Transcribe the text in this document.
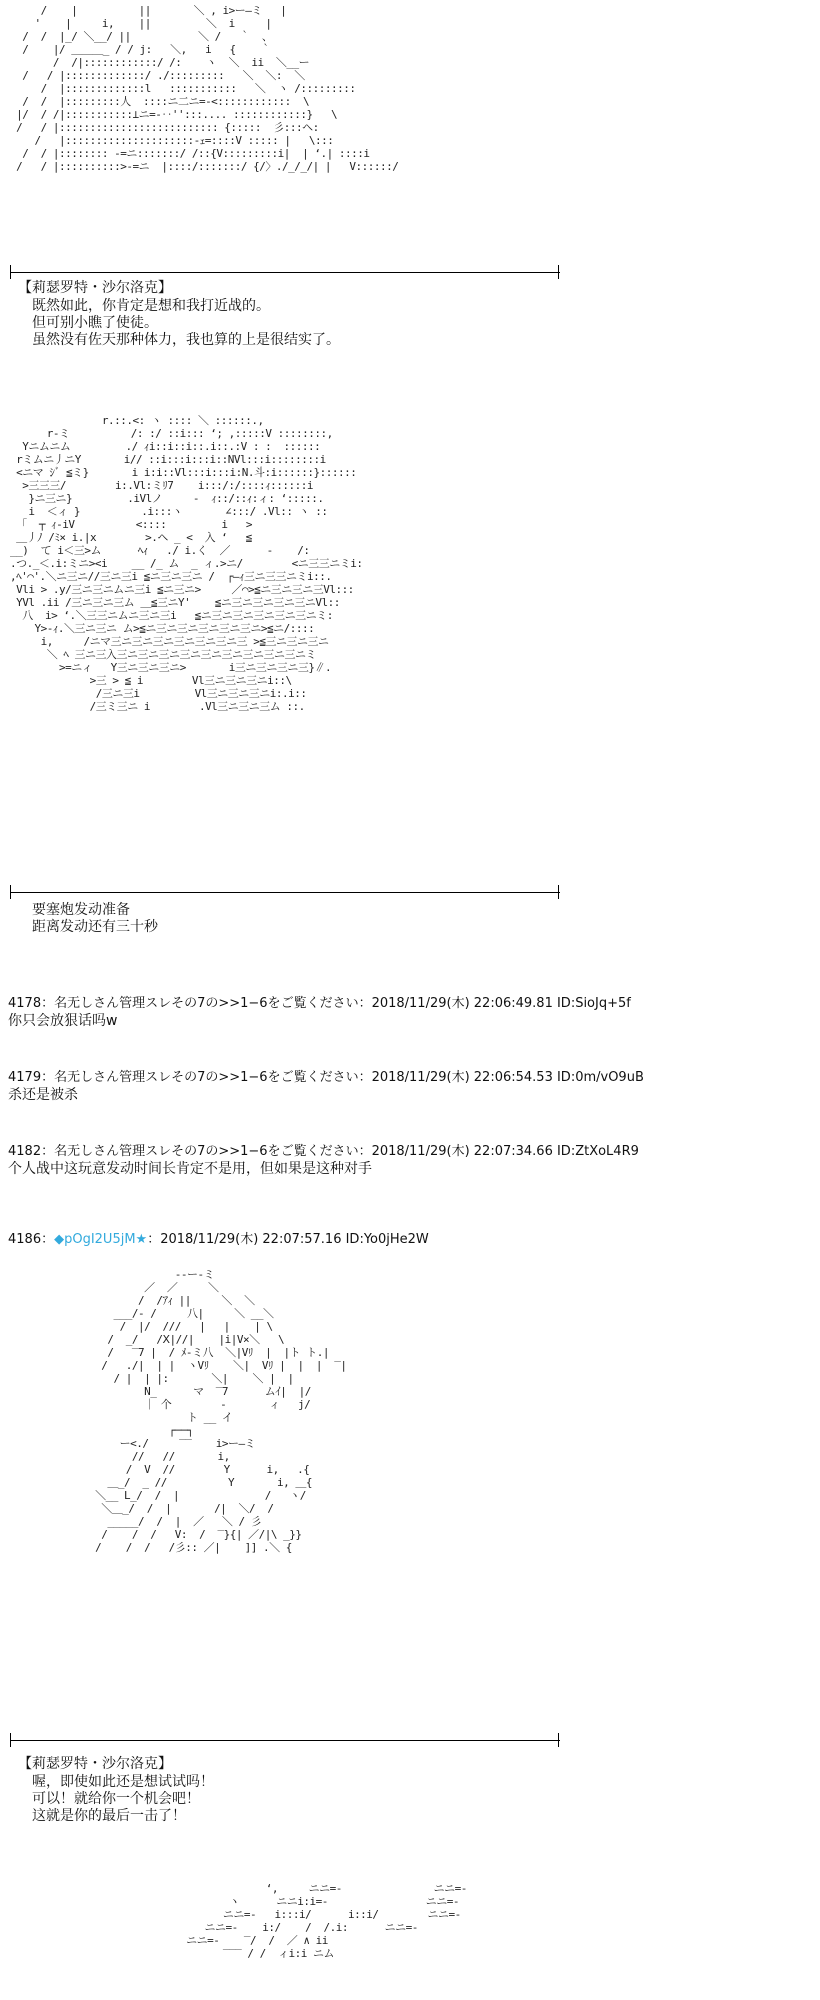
/    |          ||       ＼ , i>ー―ミ   |
'    |     i,    ||         ＼  i     |
/  /  |_/ ＼__/ ||           ＼ /   ｀  、
/    |/ ＿＿＿_ / / j:   ＼,   i   {    ｀
/  /|::::::::::::/ /:    ヽ  ＼  ii  ＼__ー
/   / |:::::::::::::/ ./:::::::::   ＼  ＼:  ＼
/  |:::::::::::::l   :::::::::::   ＼  ヽ /:::::::::
/  /  |:::::::::人  ::::ニ二ニ=-<::::::::::::  \
|/  / /|:::::::::::⊥ニ=-‥'':::.... ::::::::::::}   \
/   / |:::::::::::::::::::::::::: {:::::  彡:::ヘ:
/   |:::::::::::::::::::::-ｪ=::::V ::::: |   \:::
/  / |:::::::: -=ニ:::::::/ /::{V:::::::::i|  | ‘.| ::::i
/   / |::::::::::>-=ニ  |::::/:::::::/ {/〉./_/_/| |   V::::::/
【莉瑟罗特・沙尔洛克】
既然如此，你肯定是想和我打近战的。
但可别小瞧了使徒。
虽然没有佐天那种体力，我也算的上是很结实了。
r.::.<: ヽ :::: ＼ ::::::.,
r-ミ          /: :/ ::i::: ‘; ,:::::V ::::::::,
Yニムニム         ./ ｨi::i::i::.i::.:V : :  ::::::
rミムニ丿ニY       i// ::i:::i:::i::NVl:::i::::::::i
<ニマ ｼﾞ ≦ミ}       i i:i::Vl:::i:::i:N.斗:i::::::}::::::
>三三三/        i:.Vl:ミﾘ7    i:::/:/::::ｨ::::::i
}ニ三ニ}         .iVlノ     -  ｨ::/::ｨ:ィ: ‘:::::.
i  ＜ィ }          .i:::ヽ       ∠:::/ .Vl:: ヽ ::
「  ┬ ｨ-iV          <::::         i   >
＿丿ﾉ /ﾐ× i.|x        >.ヘ _ <  入 ‘   ≦
__)  て i＜三>ム      ﾍｨ   ./ i.く  ／      -    /:
.つ._＜.i:ミニ><i    __ /_ ム  _ ィ.>ニ/        <ニ三三ニミi:
,ﾍ'⌒'.＼ニ三ニ//三ニ三i ≦ニ三ニ三ニ /  ┌―ｨ三ニ三三ニミi::.
Vli > .y/三ニ三ニムニ三i ≦ニ三ニ>     ／⌒>≦ニ三ニ三ニ三Vl:::
YVl .ii /三ニ三ニ三ム ＿≦三ニY'    ≦ニ三ニ三ニ三ニ三ニVl::
八  i> ‘.＼三三ニムニ三ニ三i   ≦ニ三ニ三ニ三ニ三ニ三ニミ:
Y>-ｨ.＼三ニ三ニ ム>≦ニ三ニ三ニ三ニ三ニ三ニ>≦ニ/::::
i,     /ニマ三ニ三ニ三ニ三ニ三ニ三ニ三 >≦三ニ三ニ三ニ
＼ ﾍ 三ニ三入三ニ三ニ三ニ三ニ三ニ三ニ三ニ三ニ三ニミ
>=ニィ   Y三ニ三ニ三ニ>       i三ニ三ニ三ニ三}∥.
>三 > ≦ i        Vl三ニ三ニ三ニi::\
/三ニ三i         Vl三ニ三ニ三ニi:.i::
/三ミ三ニ i        .Vl三ニ三ニ三ム ::.
要塞炮发动准备
距离发动还有三十秒
4178：名无しさん管理スレその7の>>1−6をご覧ください：2018/11/29(木) 22:06:49.81 ID:SioJq+5f
你只会放狠话吗w
4179：名无しさん管理スレその7の>>1−6をご覧ください：2018/11/29(木) 22:06:54.53 ID:0m/vO9uB
杀还是被杀
4182：名无しさん管理スレその7の>>1−6をご覧ください：2018/11/29(木) 22:07:34.66 ID:ZtXoL4R9
个人战中这玩意发动时间长肯定不是用，但如果是这种对手
4186：◆pOgI2U5jM★：2018/11/29(木) 22:07:57.16 ID:Yo0jHe2W
--ー‐ミ
／  ／     ＼
/  /ｱｨ ||     ＼  ＼
___/- /     八|     ＼ __＼
/  |/  ///   |   |    | \
/  _/   /Ⅹ|//|    |i|V×＼   \
/   ‾7 |  / ﾒ-ミ八  ＼|Vﾘ  |  |ト ト.|
/   ./|  | |  ヽVﾘ    ＼|  Vﾘ |  |  |  ‾|
/ |  | |:       ＼|    ＼ |  |
N_      マ  ‾7      ムｲ|  |/
｜ 个        -       ィ   j/
ト __ イ
┌──┐
ー<./     ‾‾    i>ー―ミ
//   //       i,
/  V  //        Y      i,   .{
＿_/  _ //          Y       i, ＿{
＼__ L_/  /  |              /   ヽ/
＼＿_/  /  |       /|  ＼/  /
_____/  /  |  ／   ＼ / 彡
/    /  /   V:  /  ‾}{| ／/|\ _}}
/    /  /   /彡:: ／|    ]] .＼ {
【莉瑟罗特・沙尔洛克】
喔，即使如此还是想试试吗！
可以！就给你一个机会吧！
这就是你的最后一击了！
‘,     ニニ=-               ニニ=-
ヽ      ニニi:i=-                ニニ=-
ニニ=-   i:::i/      i::i/        ニニ=-
ニニ=-    i:/    /  /.i:      ニニ=-
ニニ=-    ‾/  /  ／ ∧ ii
‾‾‾ / /  ィi:i ニム
